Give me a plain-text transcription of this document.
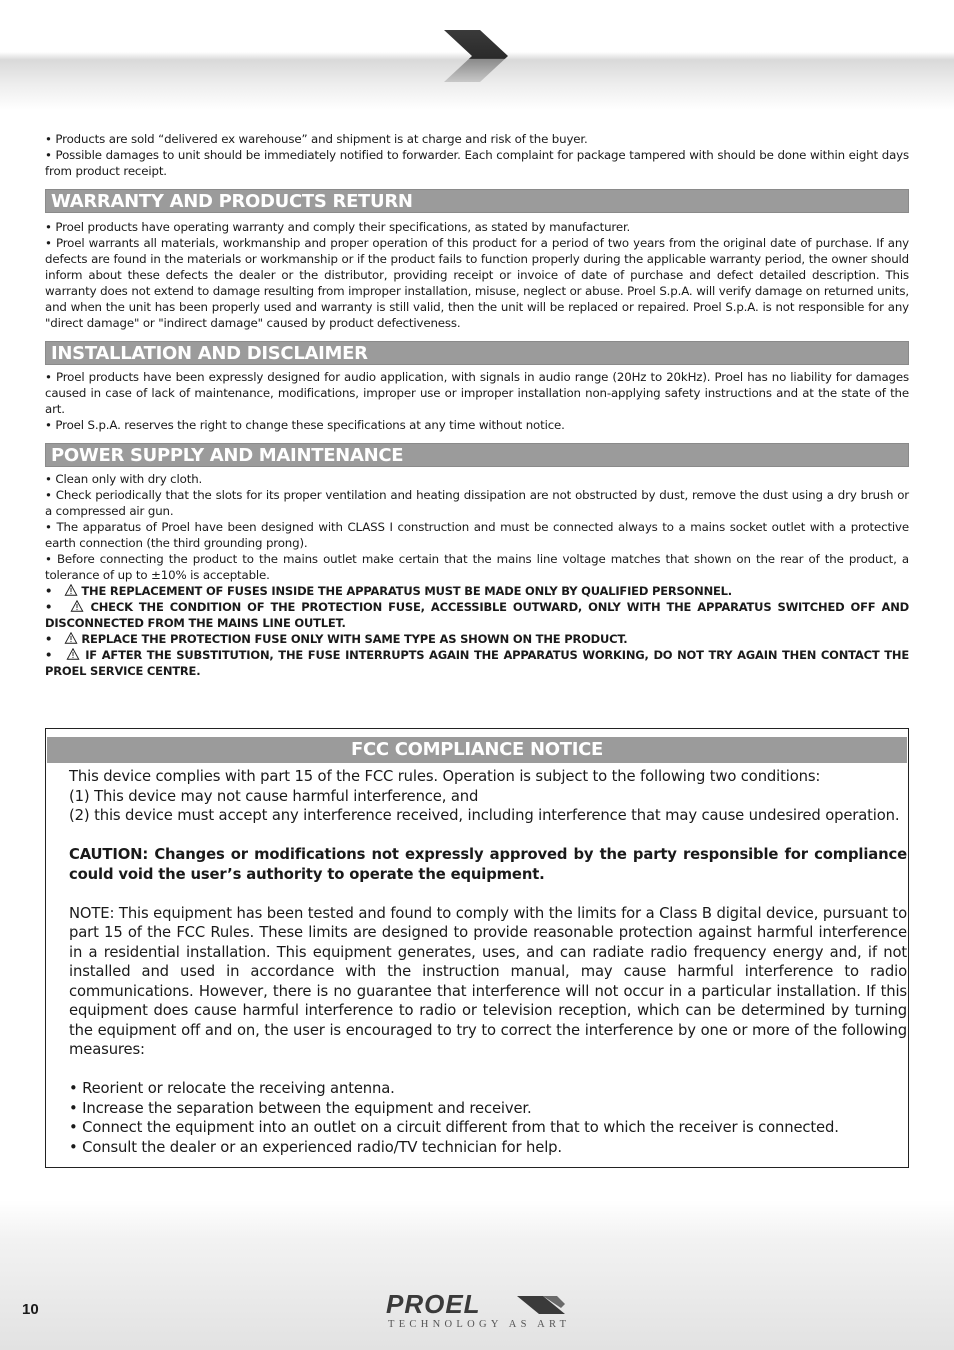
• Products are sold “delivered ex warehouse” and shipment is at charge and risk of the buyer.

• Possible damages to unit should be immediately notified to forwarder. Each complaint for package tampered with should be done within eight days from product receipt.

WARRANTY AND PRODUCTS RETURN

• Proel products have operating warranty and comply their specifications, as stated by manufacturer.

• Proel warrants all materials, workmanship and proper operation of this product for a period of two years from the original date of purchase. If any defects are found in the materials or workmanship or if the product fails to function properly during the applicable warranty period, the owner should inform about these defects the dealer or the distributor, providing receipt or invoice of date of purchase and defect detailed description. This warranty does not extend to damage resulting from improper installation, misuse, neglect or abuse. Proel S.p.A. will verify damage on returned units, and when the unit has been properly used and warranty is still valid, then the unit will be replaced or repaired. Proel S.p.A. is not responsible for any "direct damage" or "indirect damage" caused by product defectiveness.

INSTALLATION AND DISCLAIMER

• Proel products have been expressly designed for audio application, with signals in audio range (20Hz to 20kHz). Proel has no liability for damages caused in case of lack of maintenance, modifications, improper use or improper installation non-applying safety instructions and at the state of the art.

• Proel S.p.A. reserves the right to change these specifications at any time without notice.

POWER SUPPLY AND MAINTENANCE

• Clean only with dry cloth.

• Check periodically that the slots for its proper ventilation and heating dissipation are not obstructed by dust, remove the dust using a dry brush or a compressed air gun.

• The apparatus of Proel have been designed with CLASS I construction and must be connected always to a mains socket outlet with a protective earth connection (the third grounding prong).

• Before connecting the product to the mains outlet make certain that the mains line voltage matches that shown on the rear of the product, a tolerance of up to ±10% is acceptable.

•	THE REPLACEMENT OF FUSES INSIDE THE APPARATUS MUST BE MADE ONLY BY QUALIFIED PERSONNEL.

•	CHECK THE CONDITION OF THE PROTECTION FUSE, ACCESSIBLE OUTWARD, ONLY WITH THE APPARATUS SWITCHED OFF AND DISCONNECTED FROM THE MAINS LINE OUTLET.

•	REPLACE THE PROTECTION FUSE ONLY WITH SAME TYPE AS SHOWN ON THE PRODUCT.

•	IF AFTER THE SUBSTITUTION, THE FUSE INTERRUPTS AGAIN THE APPARATUS WORKING, DO NOT TRY AGAIN THEN CONTACT THE PROEL SERVICE CENTRE.

FCC COMPLIANCE NOTICE
This device complies with part 15 of the FCC rules. Operation is subject to the following two conditions:
(1) This device may not cause harmful interference, and
(2) this device must accept any interference received, including interference that may cause undesired operation.
CAUTION: Changes or modifications not expressly approved by the party responsible for compliance could void the user’s authority to operate the equipment.
NOTE: This equipment has been tested and found to comply with the limits for a Class B digital device, pursuant to part 15 of the FCC Rules. These limits are designed to provide reasonable protection against harmful interference in a residential installation. This equipment generates, uses, and can radiate radio frequency energy and, if not installed and used in accordance with the instruction manual, may cause harmful interference to radio communications. However, there is no guarantee that interference will not occur in a particular installation. If this equipment does cause harmful interference to radio or television reception, which can be determined by turning the equipment off and on, the user is encouraged to try to correct the interference by one or more of the following measures:
• Reorient or relocate the receiving antenna.
• Increase the separation between the equipment and receiver.
• Connect the equipment into an outlet on a circuit different from that to which the receiver is connected.
• Consult the dealer or an experienced radio/TV technician for help.
10	PROEL
TECHNOLOGY AS ART
